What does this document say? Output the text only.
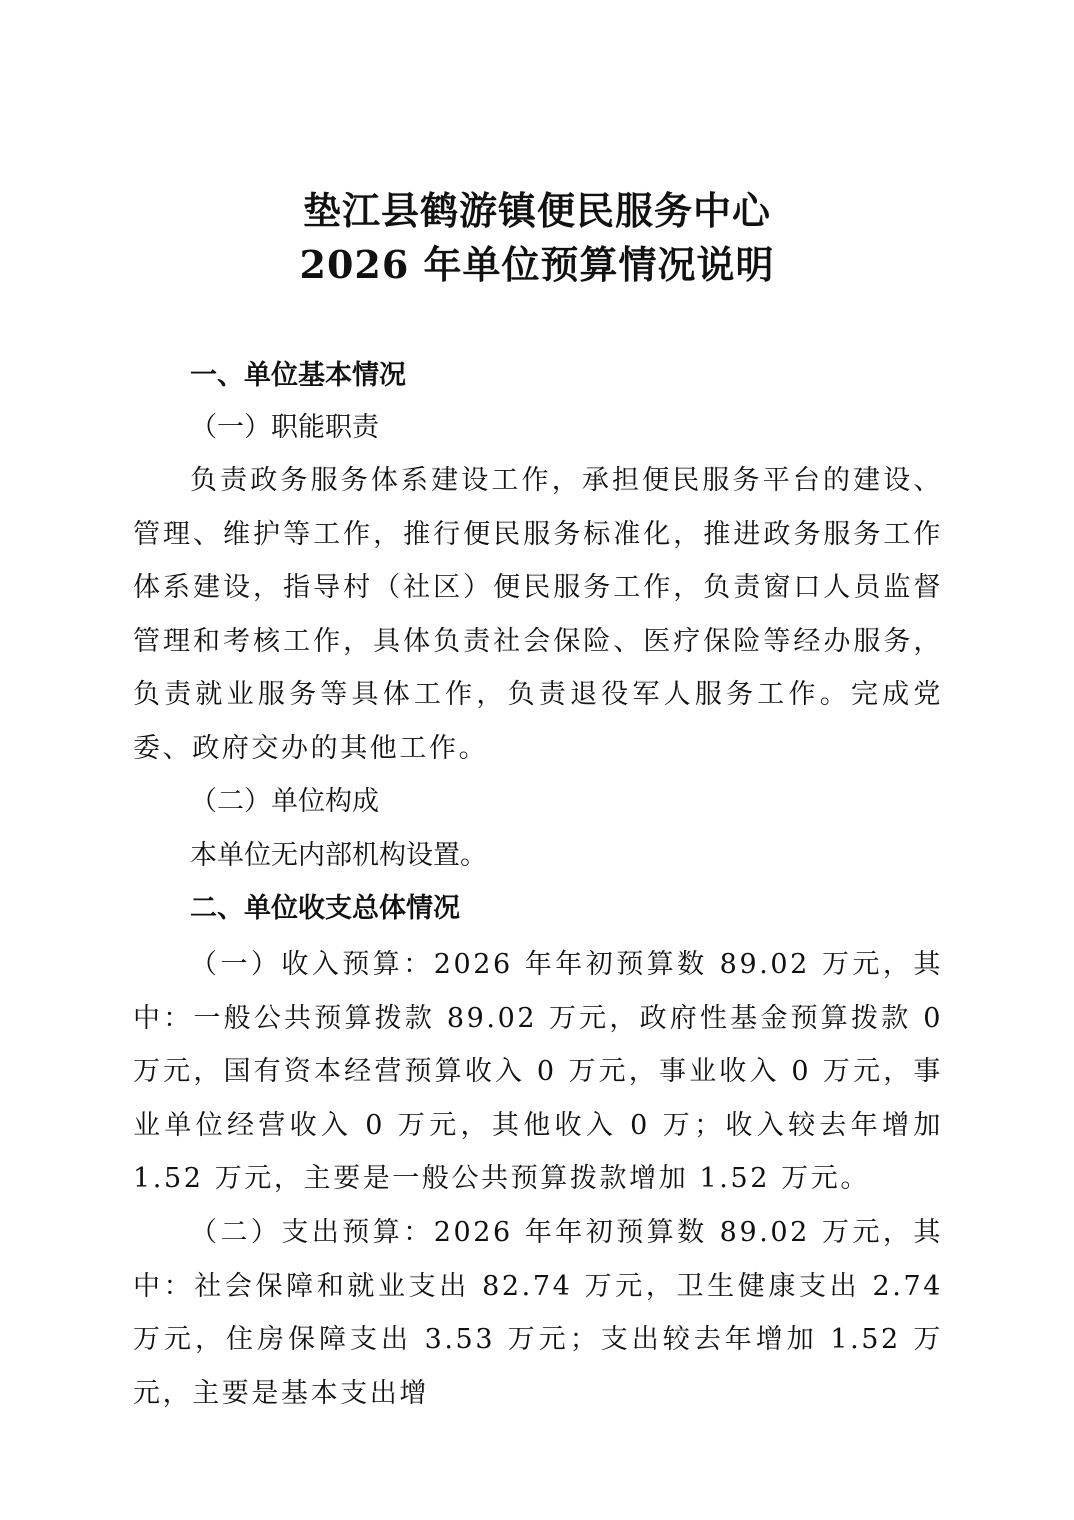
垫江县鹤游镇便民服务中心
2026 年单位预算情况说明
一、单位基本情况
（一）职能职责
负责政务服务体系建设工作，承担便民服务平台的建设、管理、维护等工作，推行便民服务标准化，推进政务服务工作体系建设，指导村（社区）便民服务工作，负责窗口人员监督管理和考核工作，具体负责社会保险、医疗保险等经办服务，负责就业服务等具体工作，负责退役军人服务工作。完成党委、政府交办的其他工作。
（二）单位构成
本单位无内部机构设置。
二、单位收支总体情况
（一）收入预算：2026 年年初预算数 89.02 万元，其中：一般公共预算拨款 89.02 万元，政府性基金预算拨款 0 万元，国有资本经营预算收入 0 万元，事业收入 0 万元，事业单位经营收入 0 万元，其他收入 0 万；收入较去年增加 1.52 万元，主要是一般公共预算拨款增加 1.52 万元。
（二）支出预算：2026 年年初预算数 89.02 万元，其中：社会保障和就业支出 82.74 万元，卫生健康支出 2.74 万元，住房保障支出 3.53 万元；支出较去年增加 1.52 万元，主要是基本支出增
